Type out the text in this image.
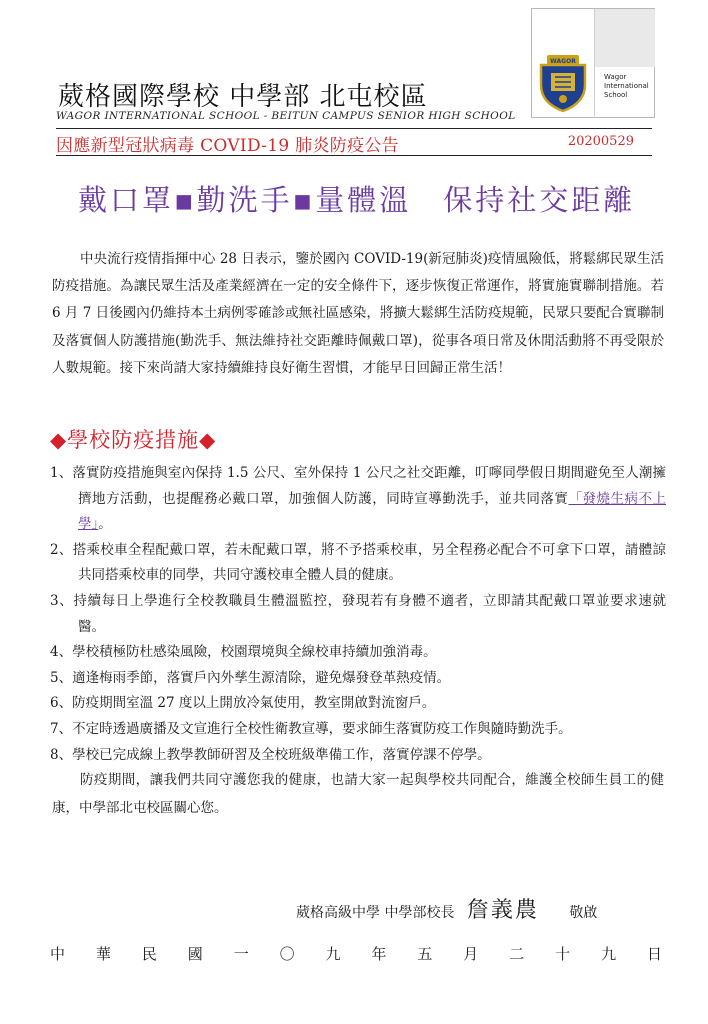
WAGOR
Wagor
International
School
葳格國際學校 中學部 北屯校區
WAGOR INTERNATIONAL SCHOOL - BEITUN CAMPUS SENIOR HIGH SCHOOL
因應新型冠狀病毒 COVID-19 肺炎防疫公告	20200529
戴口罩▪勤洗手▪量體溫　保持社交距離

中央流行疫情指揮中心 28 日表示，鑒於國內 COVID-19(新冠肺炎)疫情風險低，將鬆綁民眾生活防疫措施。為讓民眾生活及產業經濟在一定的安全條件下，逐步恢復正常運作，將實施實聯制措施。若 6 月 7 日後國內仍維持本土病例零確診或無社區感染，將擴大鬆綁生活防疫規範，民眾只要配合實聯制及落實個人防護措施(勤洗手、無法維持社交距離時佩戴口罩)，從事各項日常及休閒活動將不再受限於人數規範。接下來尚請大家持續維持良好衛生習慣，才能早日回歸正常生活！

◆學校防疫措施◆
1、落實防疫措施與室內保持 1.5 公尺、室外保持 1 公尺之社交距離，叮嚀同學假日期間避免至人潮擁擠地方活動，也提醒務必戴口罩，加強個人防護，同時宣導勤洗手，並共同落實「發燒生病不上學」。
2、搭乘校車全程配戴口罩，若未配戴口罩，將不予搭乘校車，另全程務必配合不可拿下口罩，請體諒共同搭乘校車的同學，共同守護校車全體人員的健康。
3、持續每日上學進行全校教職員生體溫監控，發現若有身體不適者，立即請其配戴口罩並要求速就醫。
4、學校積極防杜感染風險，校園環境與全線校車持續加強消毒。
5、適逢梅雨季節，落實戶內外孳生源清除，避免爆發登革熱疫情。
6、防疫期間室溫 27 度以上開放冷氣使用，教室開啟對流窗戶。
7、不定時透過廣播及文宣進行全校性衛教宣導，要求師生落實防疫工作與隨時勤洗手。
8、學校已完成線上教學教師研習及全校班級準備工作，落實停課不停學。

防疫期間，讓我們共同守護您我的健康，也請大家一起與學校共同配合，維護全校師生員工的健康，中學部北屯校區關心您。

葳格高級中學 中學部校長 詹義農 敬啟
中 華 民 國 一 〇 九 年 五 月 二 十 九 日
